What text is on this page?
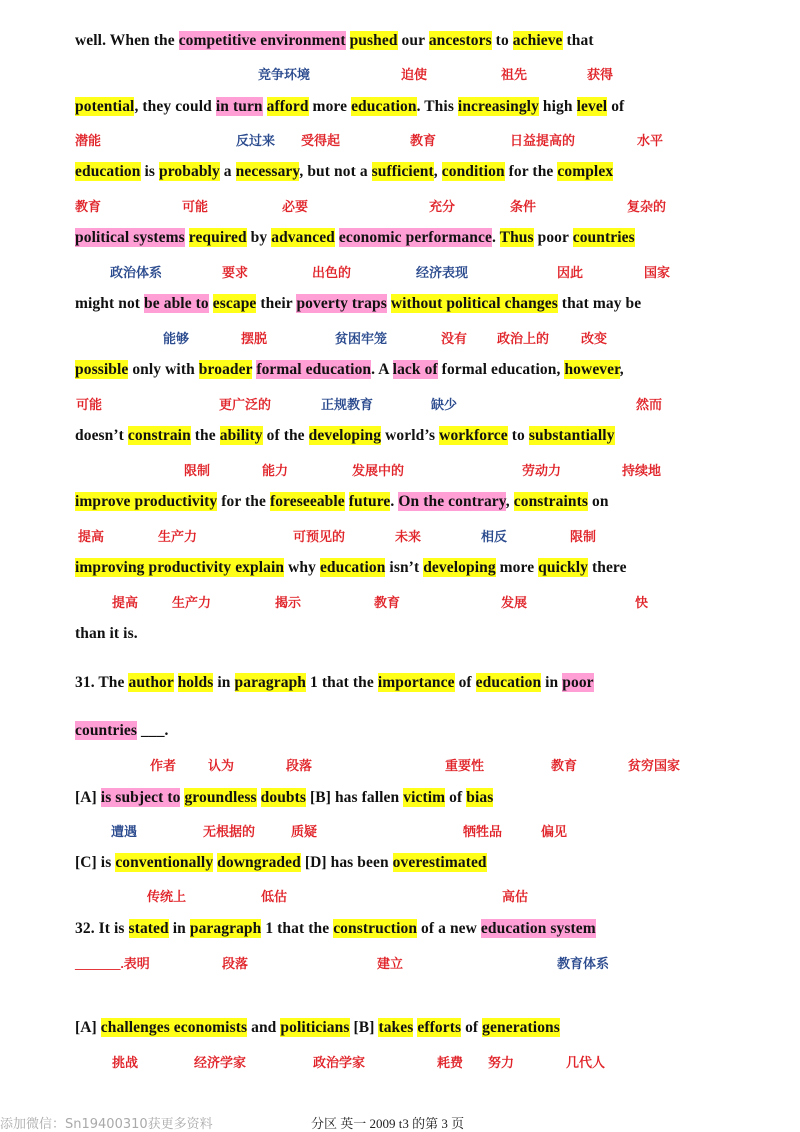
well. When the competitive environment pushed our ancestors to achieve that
potential, they could in turn afford more education. This increasingly high level of
education is probably a necessary, but not a sufficient, condition for the complex
political systems required by advanced economic performance. Thus poor countries
might not be able to escape their poverty traps without political changes that may be
possible only with broader formal education. A lack of formal education, however,
doesn’t constrain the ability of the developing world’s workforce to substantially
improve productivity for the foreseeable future. On the contrary, constraints on
improving productivity explain why education isn’t developing more quickly there
than it is.
31. The author holds in paragraph 1 that the importance of education in poor
countries ___.
[A] is subject to groundless doubts [B] has fallen victim of bias
[C] is conventionally downgraded [D] has been overestimated
32. It is stated in paragraph 1 that the construction of a new education system
[A] challenges economists and politicians [B] takes efforts of generations
竞争环境	迫使	祖先	获得
潜能	反过来 受得起	教育	日益提高的	水平
教育	可能	必要	充分	条件	复杂的
政治体系	要求	出色的	经济表现	因此	国家
能够	摆脱	贫困牢笼	没有 政治上的 改变
可能	更广泛的	正规教育	缺少	然而
限制	能力	发展中的	劳动力	持续地
提高	生产力	可预见的	未来	相反	限制
提高	生产力	揭示	教育	发展	快
作者 认为	段落	重要性	教育	贫穷国家
遭遇	无根据的	质疑	牺牲品	偏见
传统上	低估	高估
_______.表明	段落	建立	教育体系
挑战	经济学家	政治学家	耗费 努力	几代人
添加微信：Sn19400310获更多资料	分区 英一 2009 t3 的第 3 页
